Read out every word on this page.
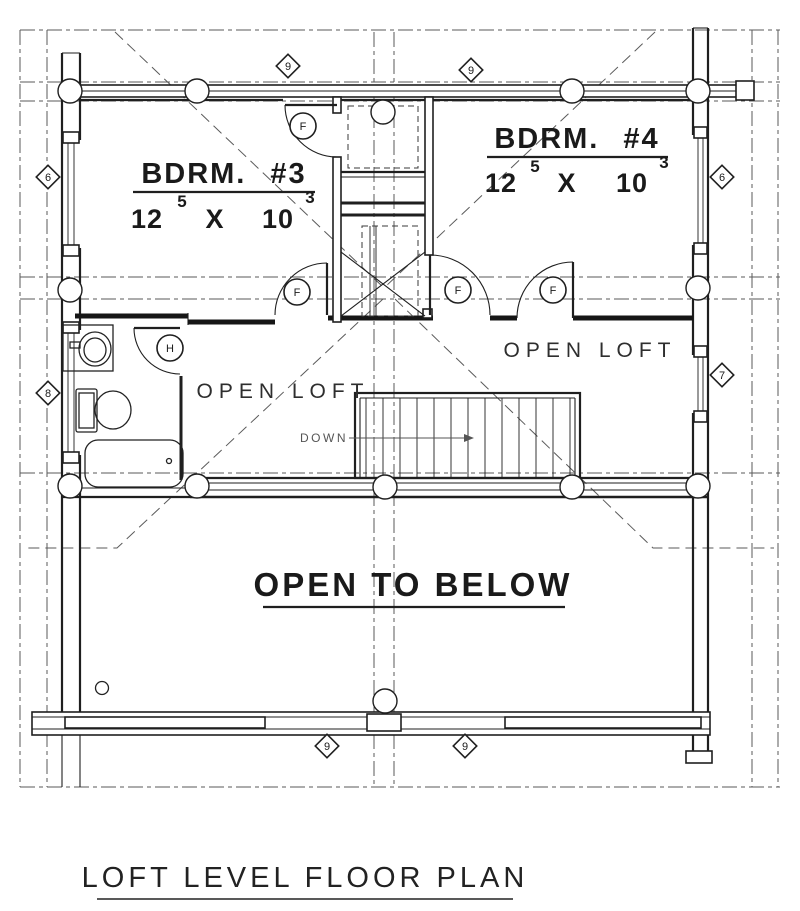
DOWN
9	9
6	6
8
7
9	9
F
F	F	F
H
BDRM. #3
12
5
X 10
3
BDRM. #4
12
5
X 10
3
OPEN LOFT
OPEN LOFT
OPEN TO BELOW
LOFT LEVEL FLOOR PLAN
